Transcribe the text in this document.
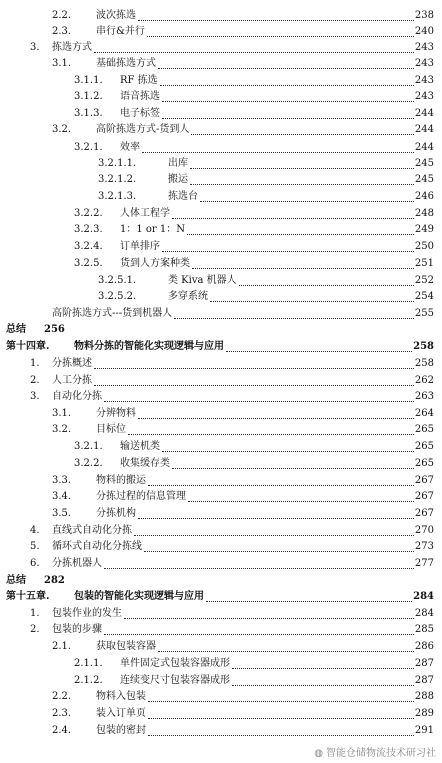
2.2. 波次拣选	238
2.3. 串行&并行	240
3. 拣选方式	243
3.1. 基础拣选方式	243
3.1.1. RF 拣选	243
3.1.2. 语音拣选	243
3.1.3. 电子标签	244
3.2. 高阶拣选方式-货到人	244
3.2.1. 效率	244
3.2.1.1.	出库	245
3.2.1.2.	搬运	245
3.2.1.3.	拣选台	246
3.2.2. 人体工程学	248
3.2.3. 1：1 or 1：N	249
3.2.4. 订单排序	250
3.2.5. 货到人方案种类	251
3.2.5.1.	类 Kiva 机器人	252
3.2.5.2.	多穿系统	254
高阶拣选方式---货到机器人	255
总结 256
第十四章. 物料分拣的智能化实现逻辑与应用	258
1. 分拣概述	258
2. 人工分拣	262
3. 自动化分拣	263
3.1. 分辨物料	264
3.2. 目标位	265
3.2.1. 输送机类	265
3.2.2. 收集缓存类	265
3.3. 物料的搬运	267
3.4. 分拣过程的信息管理	267
3.5. 分拣机构	267
4. 直线式自动化分拣	270
5. 循环式自动化分拣线	273
6. 分拣机器人	277
总结 282
第十五章. 包装的智能化实现逻辑与应用	284
1. 包装作业的发生	284
2. 包装的步骤	285
2.1. 获取包装容器	286
2.1.1. 单件固定式包装容器成形	287
2.1.2. 连续变尺寸包装容器成形	287
2.2. 物料入包装	288
2.3. 装入订单页	289
2.4. 包装的密封	291
◍ 智能仓储物流技术研习社
